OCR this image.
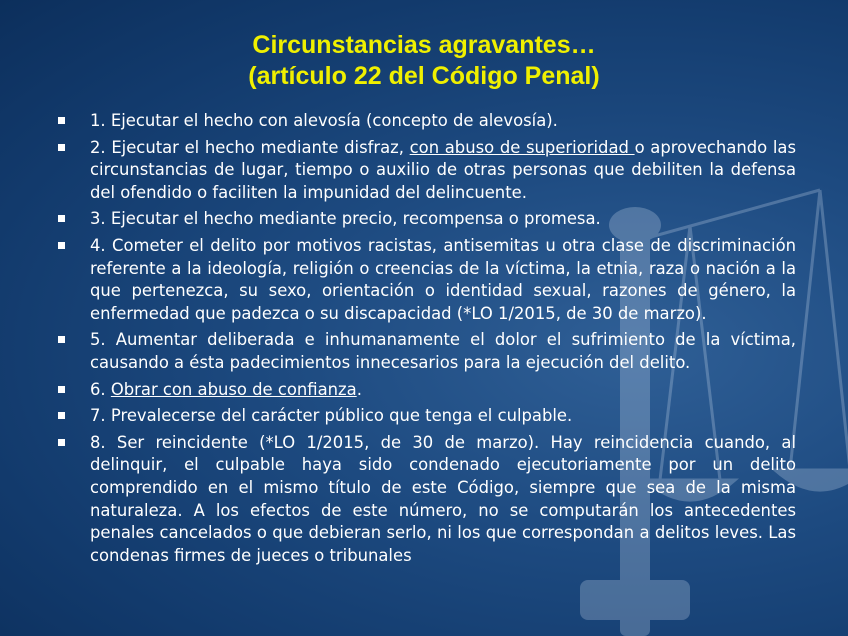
Circunstancias agravantes…
(artículo 22 del Código Penal)
1. Ejecutar el hecho con alevosía (concepto de alevosía).
2. Ejecutar el hecho mediante disfraz, con abuso de superioridad o aprovechando las circunstancias de lugar, tiempo o auxilio de otras personas que debiliten la defensa del ofendido o faciliten la impunidad del delincuente.
3. Ejecutar el hecho mediante precio, recompensa o promesa.
4. Cometer el delito por motivos racistas, antisemitas u otra clase de discriminación referente a la ideología, religión o creencias de la víctima, la etnia, raza o nación a la que pertenezca, su sexo, orientación o identidad sexual, razones de género, la enfermedad que padezca o su discapacidad (*LO 1/2015, de 30 de marzo).
5. Aumentar deliberada e inhumanamente el dolor el sufrimiento de la víctima, causando a ésta padecimientos innecesarios para la ejecución del delito.
6. Obrar con abuso de confianza.
7. Prevalecerse del carácter público que tenga el culpable.
8. Ser reincidente (*LO 1/2015, de 30 de marzo). Hay reincidencia cuando, al delinquir, el culpable haya sido condenado ejecutoriamente por un delito comprendido en el mismo título de este Código, siempre que sea de la misma naturaleza. A los efectos de este número, no se computarán los antecedentes penales cancelados o que debieran serlo, ni los que correspondan a delitos leves. Las condenas firmes de jueces o tribunales
